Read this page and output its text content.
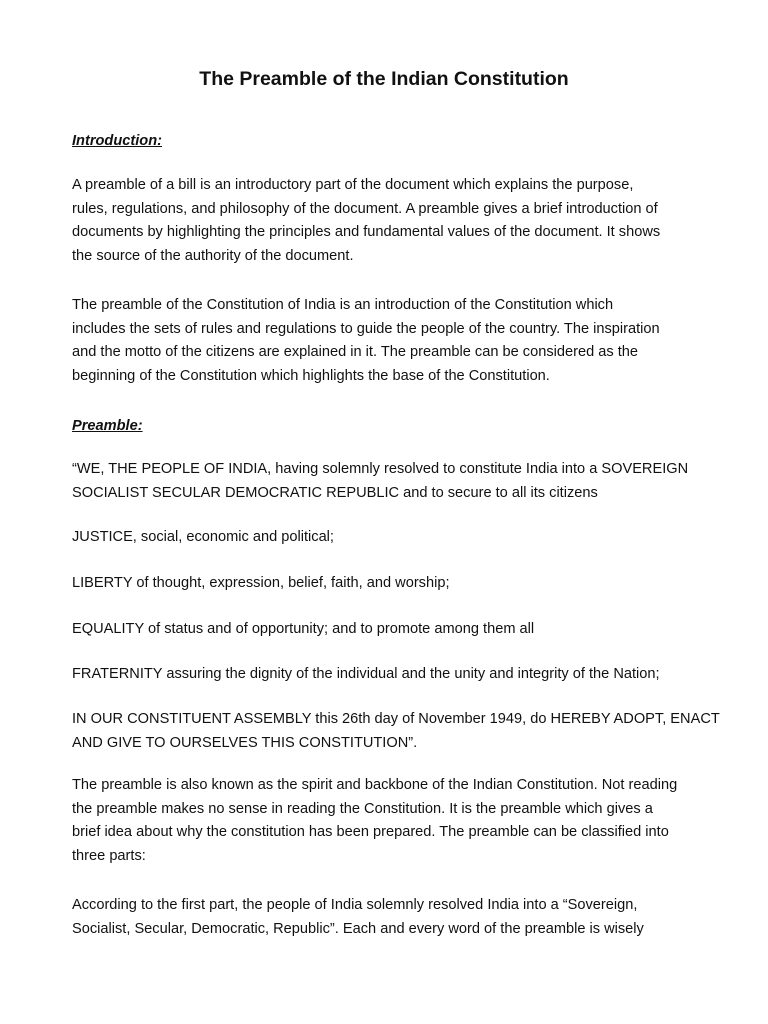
The Preamble of the Indian Constitution

Introduction:

A preamble of a bill is an introductory part of the document which explains the purpose,
rules, regulations, and philosophy of the document. A preamble gives a brief introduction of
documents by highlighting the principles and fundamental values of the document. It shows
the source of the authority of the document.

The preamble of the Constitution of India is an introduction of the Constitution which
includes the sets of rules and regulations to guide the people of the country. The inspiration
and the motto of the citizens are explained in it. The preamble can be considered as the
beginning of the Constitution which highlights the base of the Constitution.

Preamble:

“WE, THE PEOPLE OF INDIA, having solemnly resolved to constitute India into a SOVEREIGN
SOCIALIST SECULAR DEMOCRATIC REPUBLIC and to secure to all its citizens

JUSTICE, social, economic and political;

LIBERTY of thought, expression, belief, faith, and worship;

EQUALITY of status and of opportunity; and to promote among them all

FRATERNITY assuring the dignity of the individual and the unity and integrity of the Nation;

IN OUR CONSTITUENT ASSEMBLY this 26th day of November 1949, do HEREBY ADOPT, ENACT
AND GIVE TO OURSELVES THIS CONSTITUTION”.

The preamble is also known as the spirit and backbone of the Indian Constitution. Not reading
the preamble makes no sense in reading the Constitution. It is the preamble which gives a
brief idea about why the constitution has been prepared. The preamble can be classified into
three parts:

According to the first part, the people of India solemnly resolved India into a “Sovereign,
Socialist, Secular, Democratic, Republic”. Each and every word of the preamble is wisely
